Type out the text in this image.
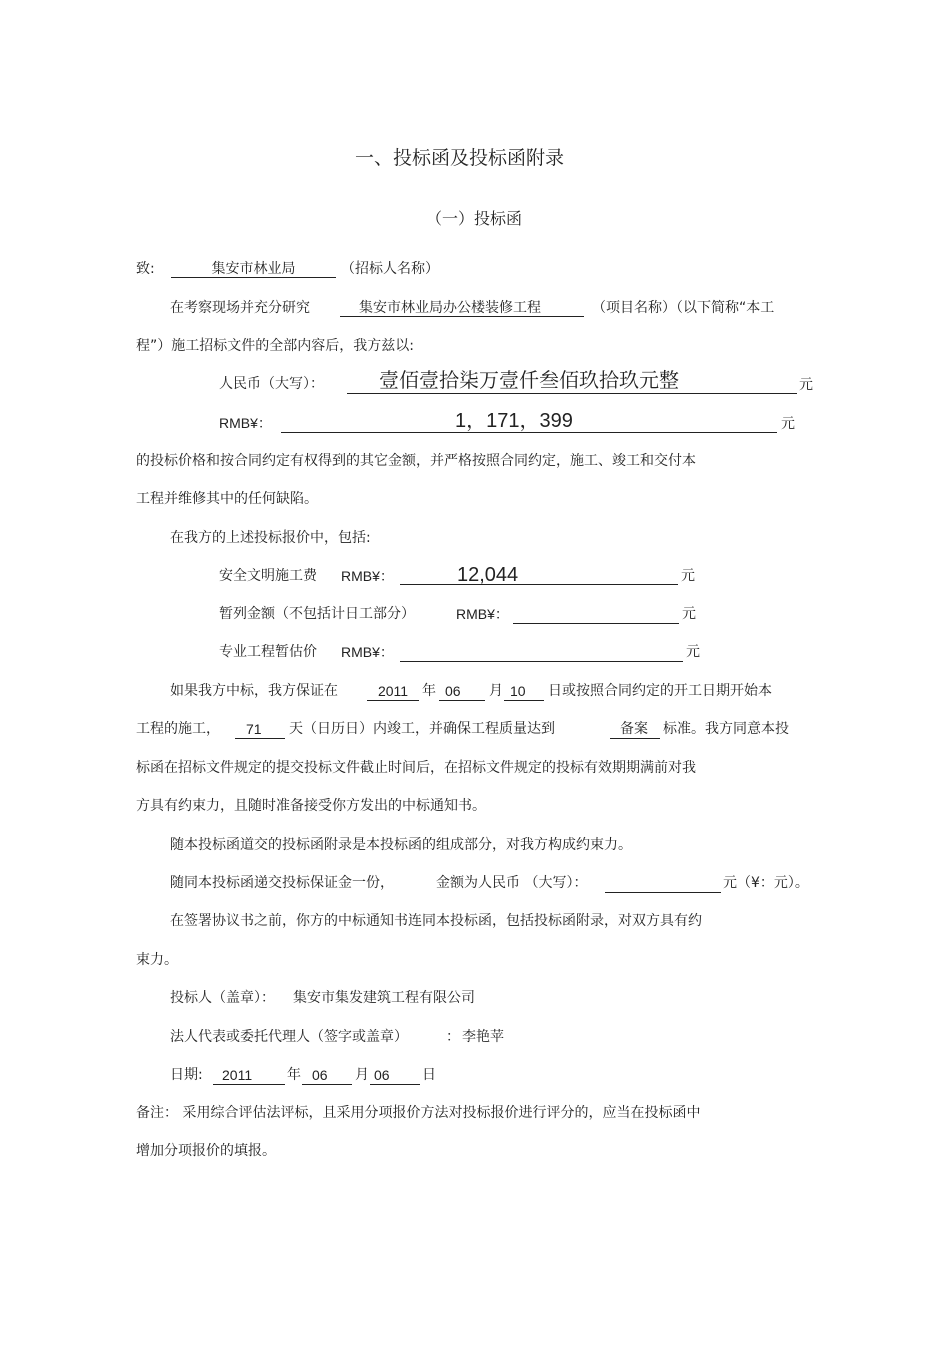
一、投标函及投标函附录
（一）投标函
致:	集安市林业局	（招标人名称）
在考察现场并充分研究	集安市林业局办公楼装修工程	（项目名称）（以下简称“本工
程”）施工招标文件的全部内容后，我方兹以:
人民币（大写）：	壹佰壹拾柒万壹仟叁佰玖拾玖元整	元
RMB¥：	1，171，399	元
的投标价格和按合同约定有权得到的其它金额，并严格按照合同约定，施工、竣工和交付本
工程并维修其中的任何缺陷。
在我方的上述投标报价中，包括:
安全文明施工费 RMB¥：	12,044	元
暂列金额（不包括计日工部分）	RMB¥：	元
专业工程暂估价 RMB¥：	元
如果我方中标，我方保证在	2011 年 06 月 10 日或按照合同约定的开工日期开始本
工程的施工， 71 天（日历日）内竣工，并确保工程质量达到	备案 标准。我方同意本投
标函在招标文件规定的提交投标文件截止时间后，在招标文件规定的投标有效期期满前对我
方具有约束力，且随时准备接受你方发出的中标通知书。
随本投标函道交的投标函附录是本投标函的组成部分，对我方构成约束力。
随同本投标函递交投标保证金一份，	金额为人民币 （大写）：	元（¥：元）。
在签署协议书之前，你方的中标通知书连同本投标函，包括投标函附录，对双方具有约
束力。
投标人（盖章）： 集安市集发建筑工程有限公司
法人代表或委托代理人（签字或盖章）	： 李艳苹
日期: 2011 年 06 月 06 日
备注： 采用综合评估法评标，且采用分项报价方法对投标报价进行评分的，应当在投标函中
增加分项报价的填报。
